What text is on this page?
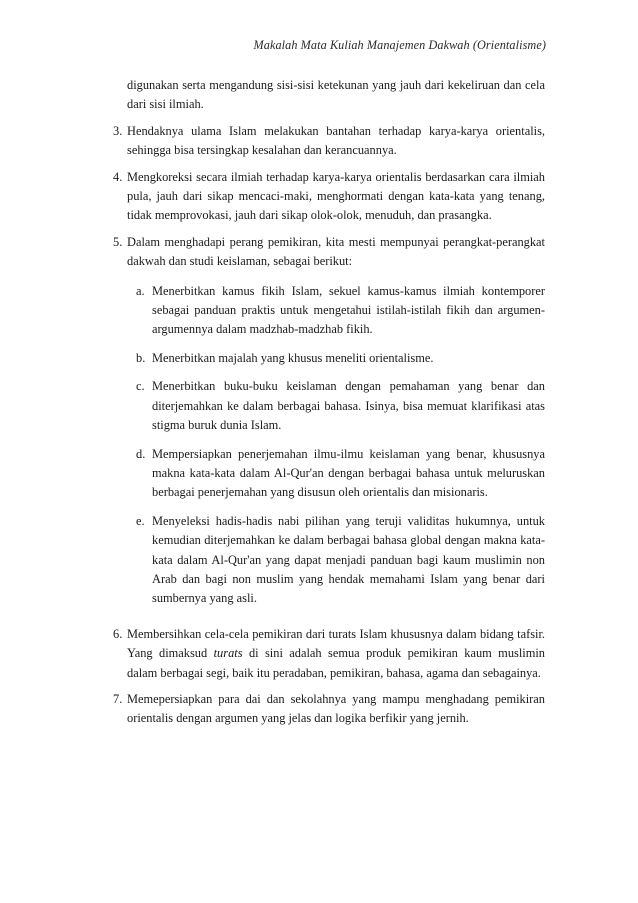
Makalah Mata Kuliah Manajemen Dakwah (Orientalisme)

digunakan serta mengandung sisi-sisi ketekunan yang jauh dari kekeliruan dan cela dari sisi ilmiah.

3. Hendaknya ulama Islam melakukan bantahan terhadap karya-karya orientalis, sehingga bisa tersingkap kesalahan dan kerancuannya.

4. Mengkoreksi secara ilmiah terhadap karya-karya orientalis berdasarkan cara ilmiah pula, jauh dari sikap mencaci-maki, menghormati dengan kata-kata yang tenang, tidak memprovokasi, jauh dari sikap olok-olok, menuduh, dan prasangka.

5. Dalam menghadapi perang pemikiran, kita mesti mempunyai perangkat-perangkat dakwah dan studi keislaman, sebagai berikut:

a. Menerbitkan kamus fikih Islam, sekuel kamus-kamus ilmiah kontemporer sebagai panduan praktis untuk mengetahui istilah-istilah fikih dan argumen-argumennya dalam madzhab-madzhab fikih.

b. Menerbitkan majalah yang khusus meneliti orientalisme.

c. Menerbitkan buku-buku keislaman dengan pemahaman yang benar dan diterjemahkan ke dalam berbagai bahasa. Isinya, bisa memuat klarifikasi atas stigma buruk dunia Islam.

d. Mempersiapkan penerjemahan ilmu-ilmu keislaman yang benar, khususnya makna kata-kata dalam Al-Qur'an dengan berbagai bahasa untuk meluruskan berbagai penerjemahan yang disusun oleh orientalis dan misionaris.

e. Menyeleksi hadis-hadis nabi pilihan yang teruji validitas hukumnya, untuk kemudian diterjemahkan ke dalam berbagai bahasa global dengan makna kata-kata dalam Al-Qur'an yang dapat menjadi panduan bagi kaum muslimin non Arab dan bagi non muslim yang hendak memahami Islam yang benar dari sumbernya yang asli.

6. Membersihkan cela-cela pemikiran dari turats Islam khususnya dalam bidang tafsir. Yang dimaksud turats di sini adalah semua produk pemikiran kaum muslimin dalam berbagai segi, baik itu peradaban, pemikiran, bahasa, agama dan sebagainya.

7. Memepersiapkan para dai dan sekolahnya yang mampu menghadang pemikiran orientalis dengan argumen yang jelas dan logika berfikir yang jernih.
